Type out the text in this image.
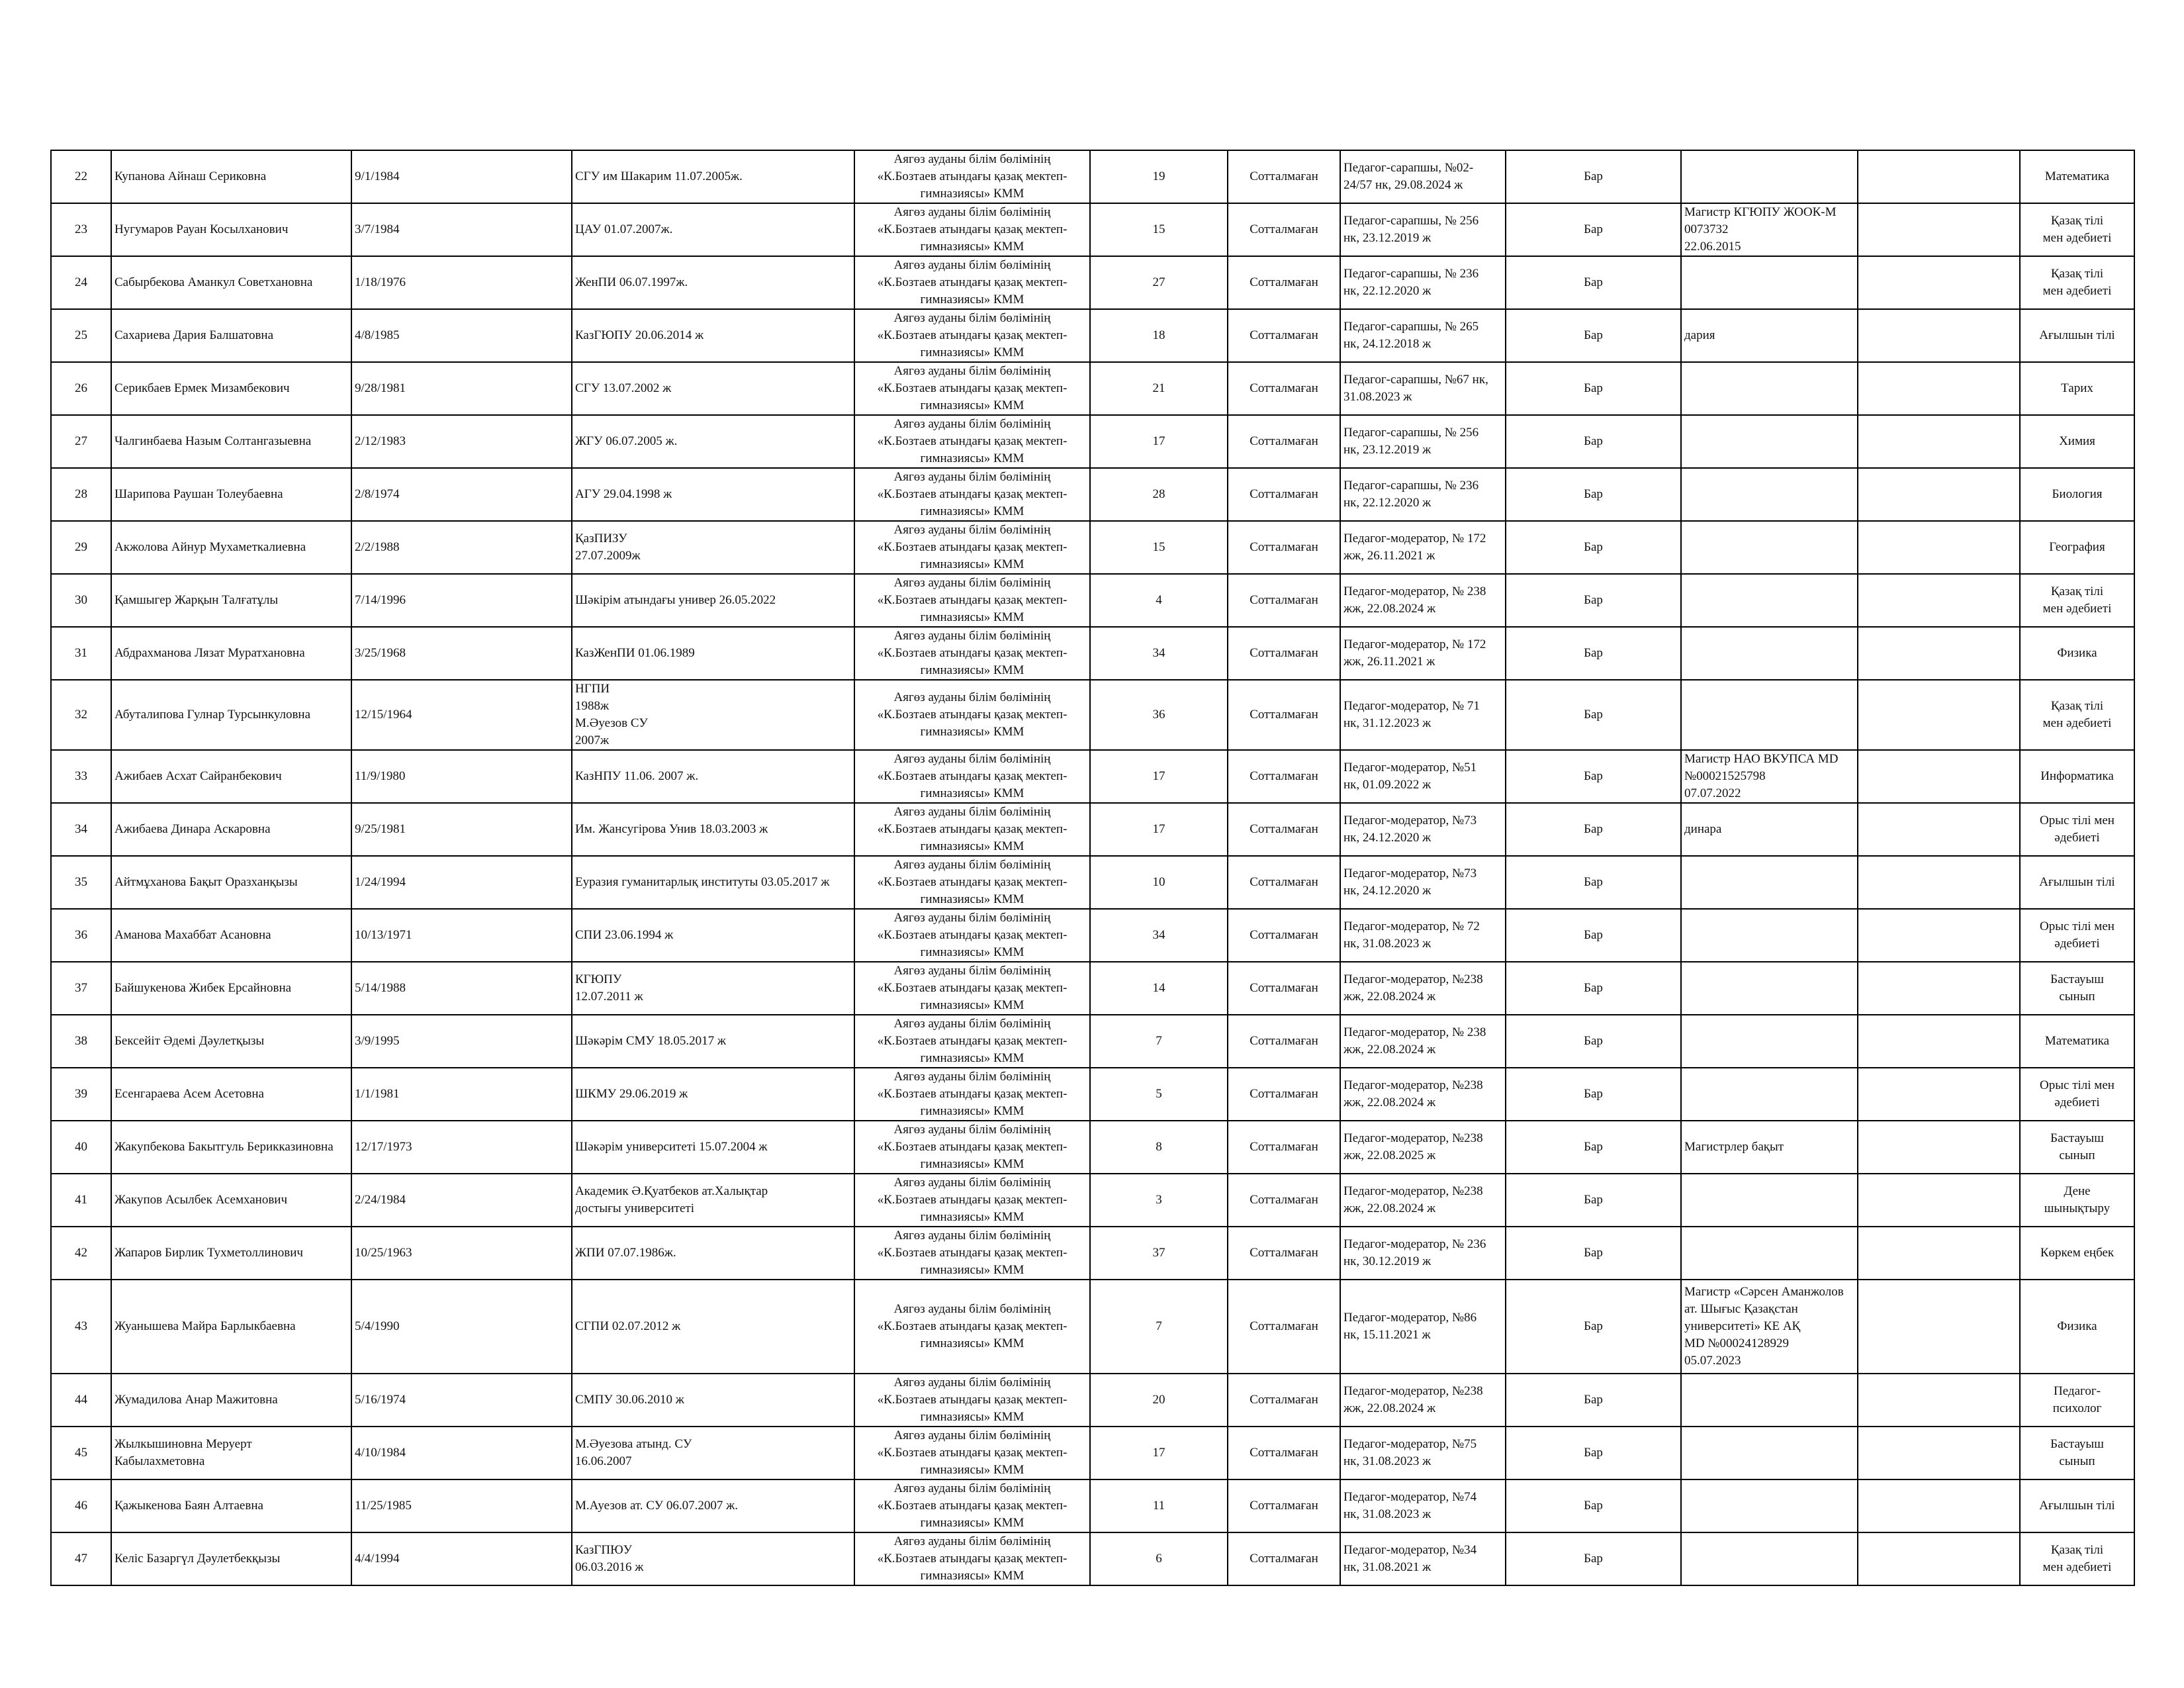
22	Купанова Айнаш Сериковна	9/1/1984	СГУ им Шакарим 11.07.2005ж.	Аягөз ауданы білім бөлімінің
«К.Бозтаев атындағы қазақ мектеп-
гимназиясы» КММ	19	Сотталмаған	Педагог-сарапшы, №02-
24/57 нк, 29.08.2024 ж	Бар			Математика
23	Нугумаров Рауан Косылханович	3/7/1984	ЦАУ 01.07.2007ж.	Аягөз ауданы білім бөлімінің
«К.Бозтаев атындағы қазақ мектеп-
гимназиясы» КММ	15	Сотталмаған	Педагог-сарапшы, № 256
нк, 23.12.2019 ж	Бар	Магистр КГЮПУ ЖООК-М
0073732
22.06.2015		Қазақ тілі
мен әдебиеті
24	Сабырбекова Аманкул Советхановна	1/18/1976	ЖенПИ 06.07.1997ж.	Аягөз ауданы білім бөлімінің
«К.Бозтаев атындағы қазақ мектеп-
гимназиясы» КММ	27	Сотталмаған	Педагог-сарапшы, № 236
нк, 22.12.2020 ж	Бар			Қазақ тілі
мен әдебиеті
25	Сахариева Дария Балшатовна	4/8/1985	КазГЮПУ 20.06.2014 ж	Аягөз ауданы білім бөлімінің
«К.Бозтаев атындағы қазақ мектеп-
гимназиясы» КММ	18	Сотталмаған	Педагог-сарапшы, № 265
нк, 24.12.2018 ж	Бар	дария		Ағылшын тілі
26	Серикбаев Ермек Мизамбекович	9/28/1981	СГУ 13.07.2002 ж	Аягөз ауданы білім бөлімінің
«К.Бозтаев атындағы қазақ мектеп-
гимназиясы» КММ	21	Сотталмаған	Педагог-сарапшы, №67 нк,
31.08.2023 ж	Бар			Тарих
27	Чалгинбаева Назым Солтангазыевна	2/12/1983	ЖГУ 06.07.2005 ж.	Аягөз ауданы білім бөлімінің
«К.Бозтаев атындағы қазақ мектеп-
гимназиясы» КММ	17	Сотталмаған	Педагог-сарапшы, № 256
нк, 23.12.2019 ж	Бар			Химия
28	Шарипова Раушан Толеубаевна	2/8/1974	АГУ 29.04.1998 ж	Аягөз ауданы білім бөлімінің
«К.Бозтаев атындағы қазақ мектеп-
гимназиясы» КММ	28	Сотталмаған	Педагог-сарапшы, № 236
нк, 22.12.2020 ж	Бар			Биология
29	Акжолова Айнур Мухаметкалиевна	2/2/1988	ҚазПИЗУ
27.07.2009ж	Аягөз ауданы білім бөлімінің
«К.Бозтаев атындағы қазақ мектеп-
гимназиясы» КММ	15	Сотталмаған	Педагог-модератор, № 172
жж, 26.11.2021 ж	Бар			География
30	Қамшыгер Жарқын Талғатұлы	7/14/1996	Шәкірім атындағы универ 26.05.2022	Аягөз ауданы білім бөлімінің
«К.Бозтаев атындағы қазақ мектеп-
гимназиясы» КММ	4	Сотталмаған	Педагог-модератор, № 238
жж, 22.08.2024 ж	Бар			Қазақ тілі
мен әдебиеті
31	Абдрахманова Лязат Муратхановна	3/25/1968	КазЖенПИ 01.06.1989	Аягөз ауданы білім бөлімінің
«К.Бозтаев атындағы қазақ мектеп-
гимназиясы» КММ	34	Сотталмаған	Педагог-модератор, № 172
жж, 26.11.2021 ж	Бар			Физика
32	Абуталипова Гулнар Турсынкуловна	12/15/1964	НГПИ
1988ж
М.Әуезов СУ
2007ж	Аягөз ауданы білім бөлімінің
«К.Бозтаев атындағы қазақ мектеп-
гимназиясы» КММ	36	Сотталмаған	Педагог-модератор, № 71
нк, 31.12.2023 ж	Бар			Қазақ тілі
мен әдебиеті
33	Ажибаев Асхат Сайранбекович	11/9/1980	КазНПУ 11.06. 2007 ж.	Аягөз ауданы білім бөлімінің
«К.Бозтаев атындағы қазақ мектеп-
гимназиясы» КММ	17	Сотталмаған	Педагог-модератор, №51
нк, 01.09.2022 ж	Бар	Магистр НАО ВКУПСА MD
№00021525798
07.07.2022		Информатика
34	Ажибаева Динара Аскаровна	9/25/1981	Им. Жансугірова Унив 18.03.2003 ж	Аягөз ауданы білім бөлімінің
«К.Бозтаев атындағы қазақ мектеп-
гимназиясы» КММ	17	Сотталмаған	Педагог-модератор, №73
нк, 24.12.2020 ж	Бар	динара		Орыс тілі мен
әдебиеті
35	Айтмұханова Бақыт Оразханқызы	1/24/1994	Еуразия гуманитарлық институты 03.05.2017 ж	Аягөз ауданы білім бөлімінің
«К.Бозтаев атындағы қазақ мектеп-
гимназиясы» КММ	10	Сотталмаған	Педагог-модератор, №73
нк, 24.12.2020 ж	Бар			Ағылшын тілі
36	Аманова Махаббат Асановна	10/13/1971	СПИ 23.06.1994 ж	Аягөз ауданы білім бөлімінің
«К.Бозтаев атындағы қазақ мектеп-
гимназиясы» КММ	34	Сотталмаған	Педагог-модератор, № 72
нк, 31.08.2023 ж	Бар			Орыс тілі мен
әдебиеті
37	Байшукенова Жибек Ерсайновна	5/14/1988	КГЮПУ
12.07.2011 ж	Аягөз ауданы білім бөлімінің
«К.Бозтаев атындағы қазақ мектеп-
гимназиясы» КММ	14	Сотталмаған	Педагог-модератор, №238
жж, 22.08.2024 ж	Бар			Бастауыш
сынып
38	Бексейіт Әдемі Дәулетқызы	3/9/1995	Шәкәрім СМУ 18.05.2017 ж	Аягөз ауданы білім бөлімінің
«К.Бозтаев атындағы қазақ мектеп-
гимназиясы» КММ	7	Сотталмаған	Педагог-модератор, № 238
жж, 22.08.2024 ж	Бар			Математика
39	Есенгараева Асем Асетовна	1/1/1981	ШКМУ 29.06.2019 ж	Аягөз ауданы білім бөлімінің
«К.Бозтаев атындағы қазақ мектеп-
гимназиясы» КММ	5	Сотталмаған	Педагог-модератор, №238
жж, 22.08.2024 ж	Бар			Орыс тілі мен
әдебиеті
40	Жакупбекова Бакытгуль Берикказиновна	12/17/1973	Шәкәрім университеті 15.07.2004 ж	Аягөз ауданы білім бөлімінің
«К.Бозтаев атындағы қазақ мектеп-
гимназиясы» КММ	8	Сотталмаған	Педагог-модератор, №238
жж, 22.08.2025 ж	Бар	Магистрлер бақыт		Бастауыш
сынып
41	Жакупов Асылбек Асемханович	2/24/1984	Академик Ә.Қуатбеков ат.Халықтар
достығы университеті	Аягөз ауданы білім бөлімінің
«К.Бозтаев атындағы қазақ мектеп-
гимназиясы» КММ	3	Сотталмаған	Педагог-модератор, №238
жж, 22.08.2024 ж	Бар			Дене
шынықтыру
42	Жапаров Бирлик Тухметоллинович	10/25/1963	ЖПИ 07.07.1986ж.	Аягөз ауданы білім бөлімінің
«К.Бозтаев атындағы қазақ мектеп-
гимназиясы» КММ	37	Сотталмаған	Педагог-модератор, № 236
нк, 30.12.2019 ж	Бар			Көркем еңбек
43	Жуанышева Майра Барлыкбаевна	5/4/1990	СГПИ 02.07.2012 ж	Аягөз ауданы білім бөлімінің
«К.Бозтаев атындағы қазақ мектеп-
гимназиясы» КММ	7	Сотталмаған	Педагог-модератор, №86
нк, 15.11.2021 ж	Бар	Магистр «Сәрсен Аманжолов
ат. Шығыс Қазақстан
университеті» КЕ АҚ
MD №00024128929
05.07.2023		Физика
44	Жумадилова Анар Мажитовна	5/16/1974	СМПУ 30.06.2010 ж	Аягөз ауданы білім бөлімінің
«К.Бозтаев атындағы қазақ мектеп-
гимназиясы» КММ	20	Сотталмаған	Педагог-модератор, №238
жж, 22.08.2024 ж	Бар			Педагог-
психолог
45	Жылкышиновна Меруерт
Кабылахметовна	4/10/1984	М.Әуезова атынд. СУ
16.06.2007	Аягөз ауданы білім бөлімінің
«К.Бозтаев атындағы қазақ мектеп-
гимназиясы» КММ	17	Сотталмаған	Педагог-модератор, №75
нк, 31.08.2023 ж	Бар			Бастауыш
сынып
46	Қажыкенова Баян Алтаевна	11/25/1985	М.Ауезов ат. СУ 06.07.2007 ж.	Аягөз ауданы білім бөлімінің
«К.Бозтаев атындағы қазақ мектеп-
гимназиясы» КММ	11	Сотталмаған	Педагог-модератор, №74
нк, 31.08.2023 ж	Бар			Ағылшын тілі
47	Келіс Базаргүл Дәулетбекқызы	4/4/1994	КазГПЮУ
06.03.2016 ж	Аягөз ауданы білім бөлімінің
«К.Бозтаев атындағы қазақ мектеп-
гимназиясы» КММ	6	Сотталмаған	Педагог-модератор, №34
нк, 31.08.2021 ж	Бар			Қазақ тілі
мен әдебиеті
